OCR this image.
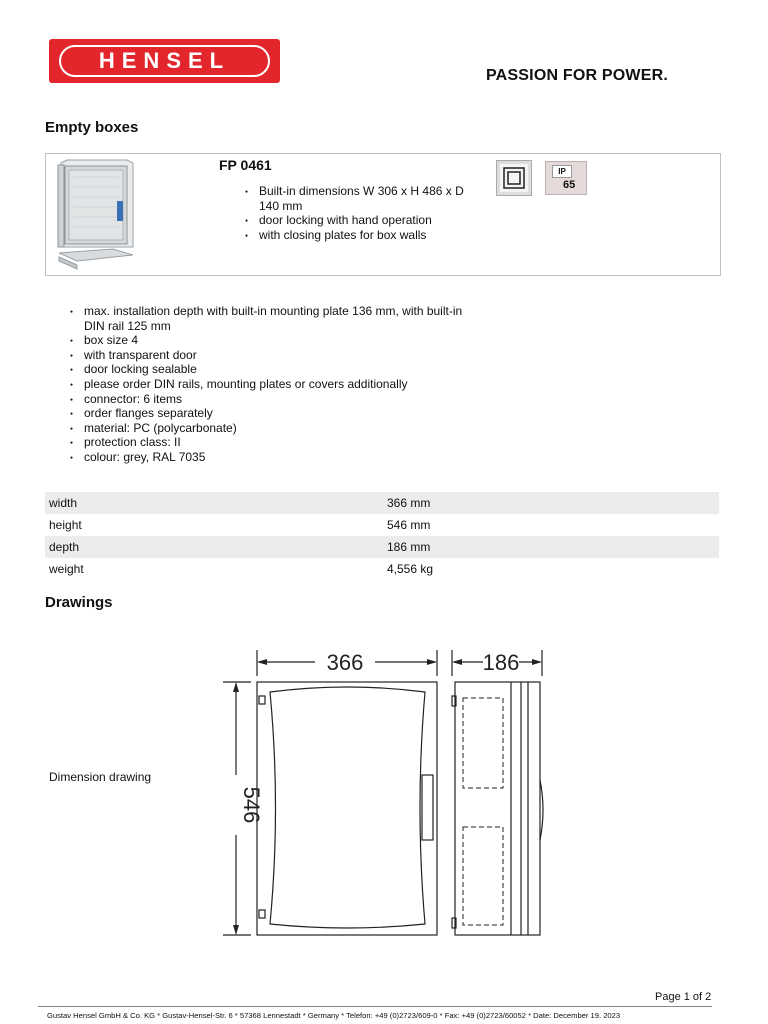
HENSEL
PASSION FOR POWER.
Empty boxes
FP 0461
● Built-in dimensions W 306 x H 486 x D 140 mm
● door locking with hand operation
● with closing plates for box walls
IP
65
● max. installation depth with built-in mounting plate 136 mm, with built-in DIN rail 125 mm
● box size 4
● with transparent door
● door locking sealable
● please order DIN rails, mounting plates or covers additionally
● connector: 6 items
● order flanges separately
● material: PC (polycarbonate)
● protection class: II
● colour: grey, RAL 7035
width	366 mm
height	546 mm
depth	186 mm
weight	4,556 kg
Drawings
Dimension drawing
366	186
546
Page 1 of 2
Gustav Hensel GmbH & Co. KG * Gustav-Hensel-Str. 6 * 57368 Lennestadt * Germany * Telefon: +49 (0)2723/609-0 * Fax: +49 (0)2723/60052 * Date: December 19. 2023
